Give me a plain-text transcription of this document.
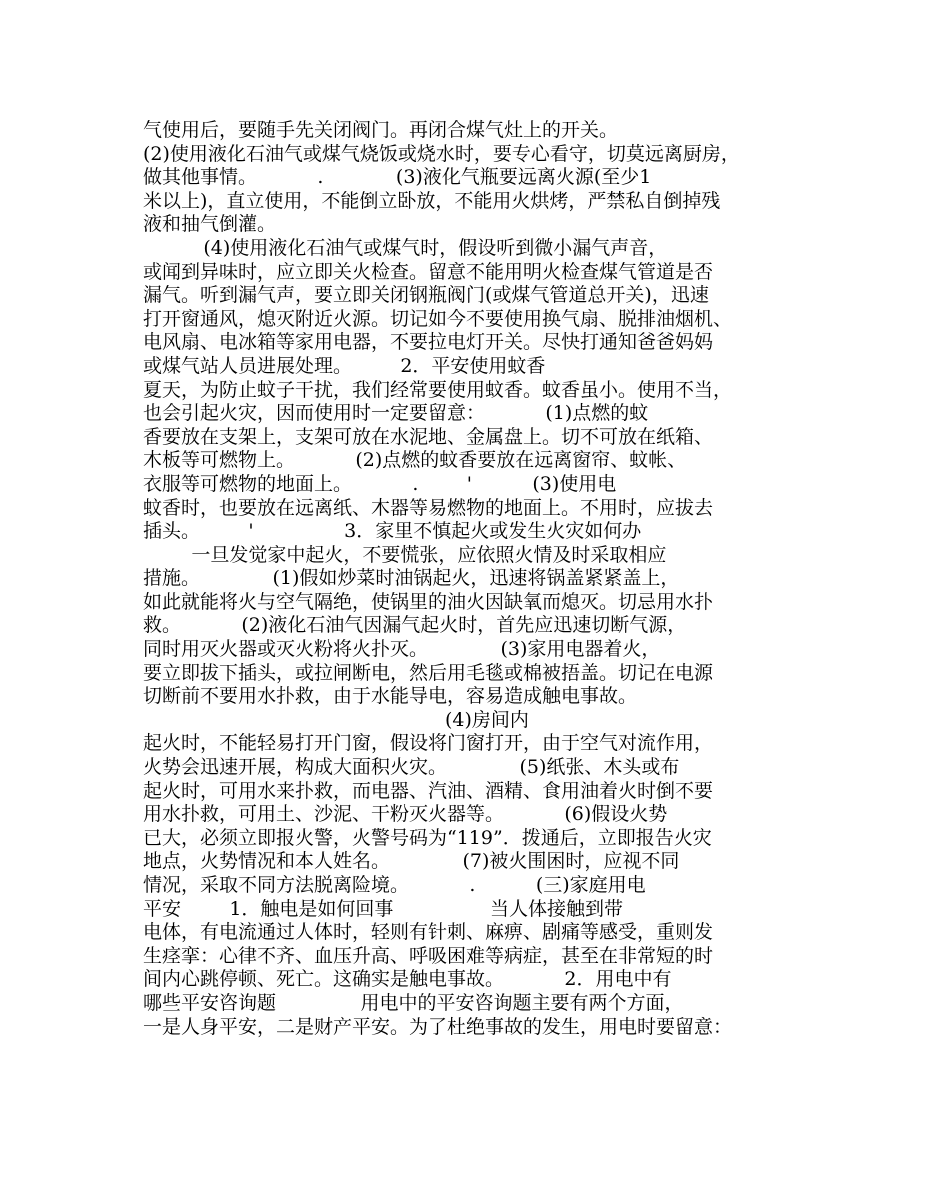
气使用后，要随手先关闭阀门。再闭合煤气灶上的开关。
(2)使用液化石油气或煤气烧饭或烧水时，要专心看守，切莫远离厨房，
做其他事情。          .            (3)液化气瓶要远离火源(至少1
米以上)，直立使用，不能倒立卧放，不能用火烘烤，严禁私自倒掉残
液和抽气倒灌。
(4)使用液化石油气或煤气时，假设听到微小漏气声音，
或闻到异味时，应立即关火检查。留意不能用明火检查煤气管道是否
漏气。听到漏气声，要立即关闭钢瓶阀门(或煤气管道总开关)，迅速
打开窗通风，熄灭附近火源。切记如今不要使用换气扇、脱排油烟机、
电风扇、电冰箱等家用电器，不要拉电灯开关。尽快打通知爸爸妈妈
或煤气站人员进展处理。        2．平安使用蚊香
夏天，为防止蚊子干扰，我们经常要使用蚊香。蚊香虽小。使用不当，
也会引起火灾，因而使用时一定要留意：          (1)点燃的蚊
香要放在支架上，支架可放在水泥地、金属盘上。切不可放在纸箱、
木板等可燃物上。          (2)点燃的蚊香要放在远离窗帘、蚊帐、
衣服等可燃物的地面上。          .        '          (3)使用电
蚊香时，也要放在远离纸、木器等易燃物的地面上。不用时，应拔去
插头。        '               3．家里不慎起火或发生火灾如何办
一旦发觉家中起火，不要慌张，应依照火情及时采取相应
措施。            (1)假如炒菜时油锅起火，迅速将锅盖紧紧盖上，
如此就能将火与空气隔绝，使锅里的油火因缺氧而熄灭。切忌用水扑
救。          (2)液化石油气因漏气起火时，首先应迅速切断气源，
同时用灭火器或灭火粉将火扑灭。            (3)家用电器着火，
要立即拔下插头，或拉闸断电，然后用毛毯或棉被捂盖。切记在电源
切断前不要用水扑救，由于水能导电，容易造成触电事故。
(4)房间内
起火时，不能轻易打开门窗，假设将门窗打开，由于空气对流作用，
火势会迅速开展，构成大面积火灾。            (5)纸张、木头或布
起火时，可用水来扑救，而电器、汽油、酒精、食用油着火时倒不要
用水扑救，可用土、沙泥、干粉灭火器等。          (6)假设火势
已大，必须立即报火警，火警号码为“119”．拨通后，立即报告火灾
地点，火势情况和本人姓名。            (7)被火围困时，应视不同
情况，采取不同方法脱离险境。          .          (三)家庭用电
平安        1．触电是如何回事                当人体接触到带
电体，有电流通过人体时，轻则有针刺、麻痹、剧痛等感受，重则发
生痉挛：心律不齐、血压升高、呼吸困难等病症，甚至在非常短的时
间内心跳停顿、死亡。这确实是触电事故。          2．用电中有
哪些平安咨询题              用电中的平安咨询题主要有两个方面，
一是人身平安，二是财产平安。为了杜绝事故的发生，用电时要留意：
